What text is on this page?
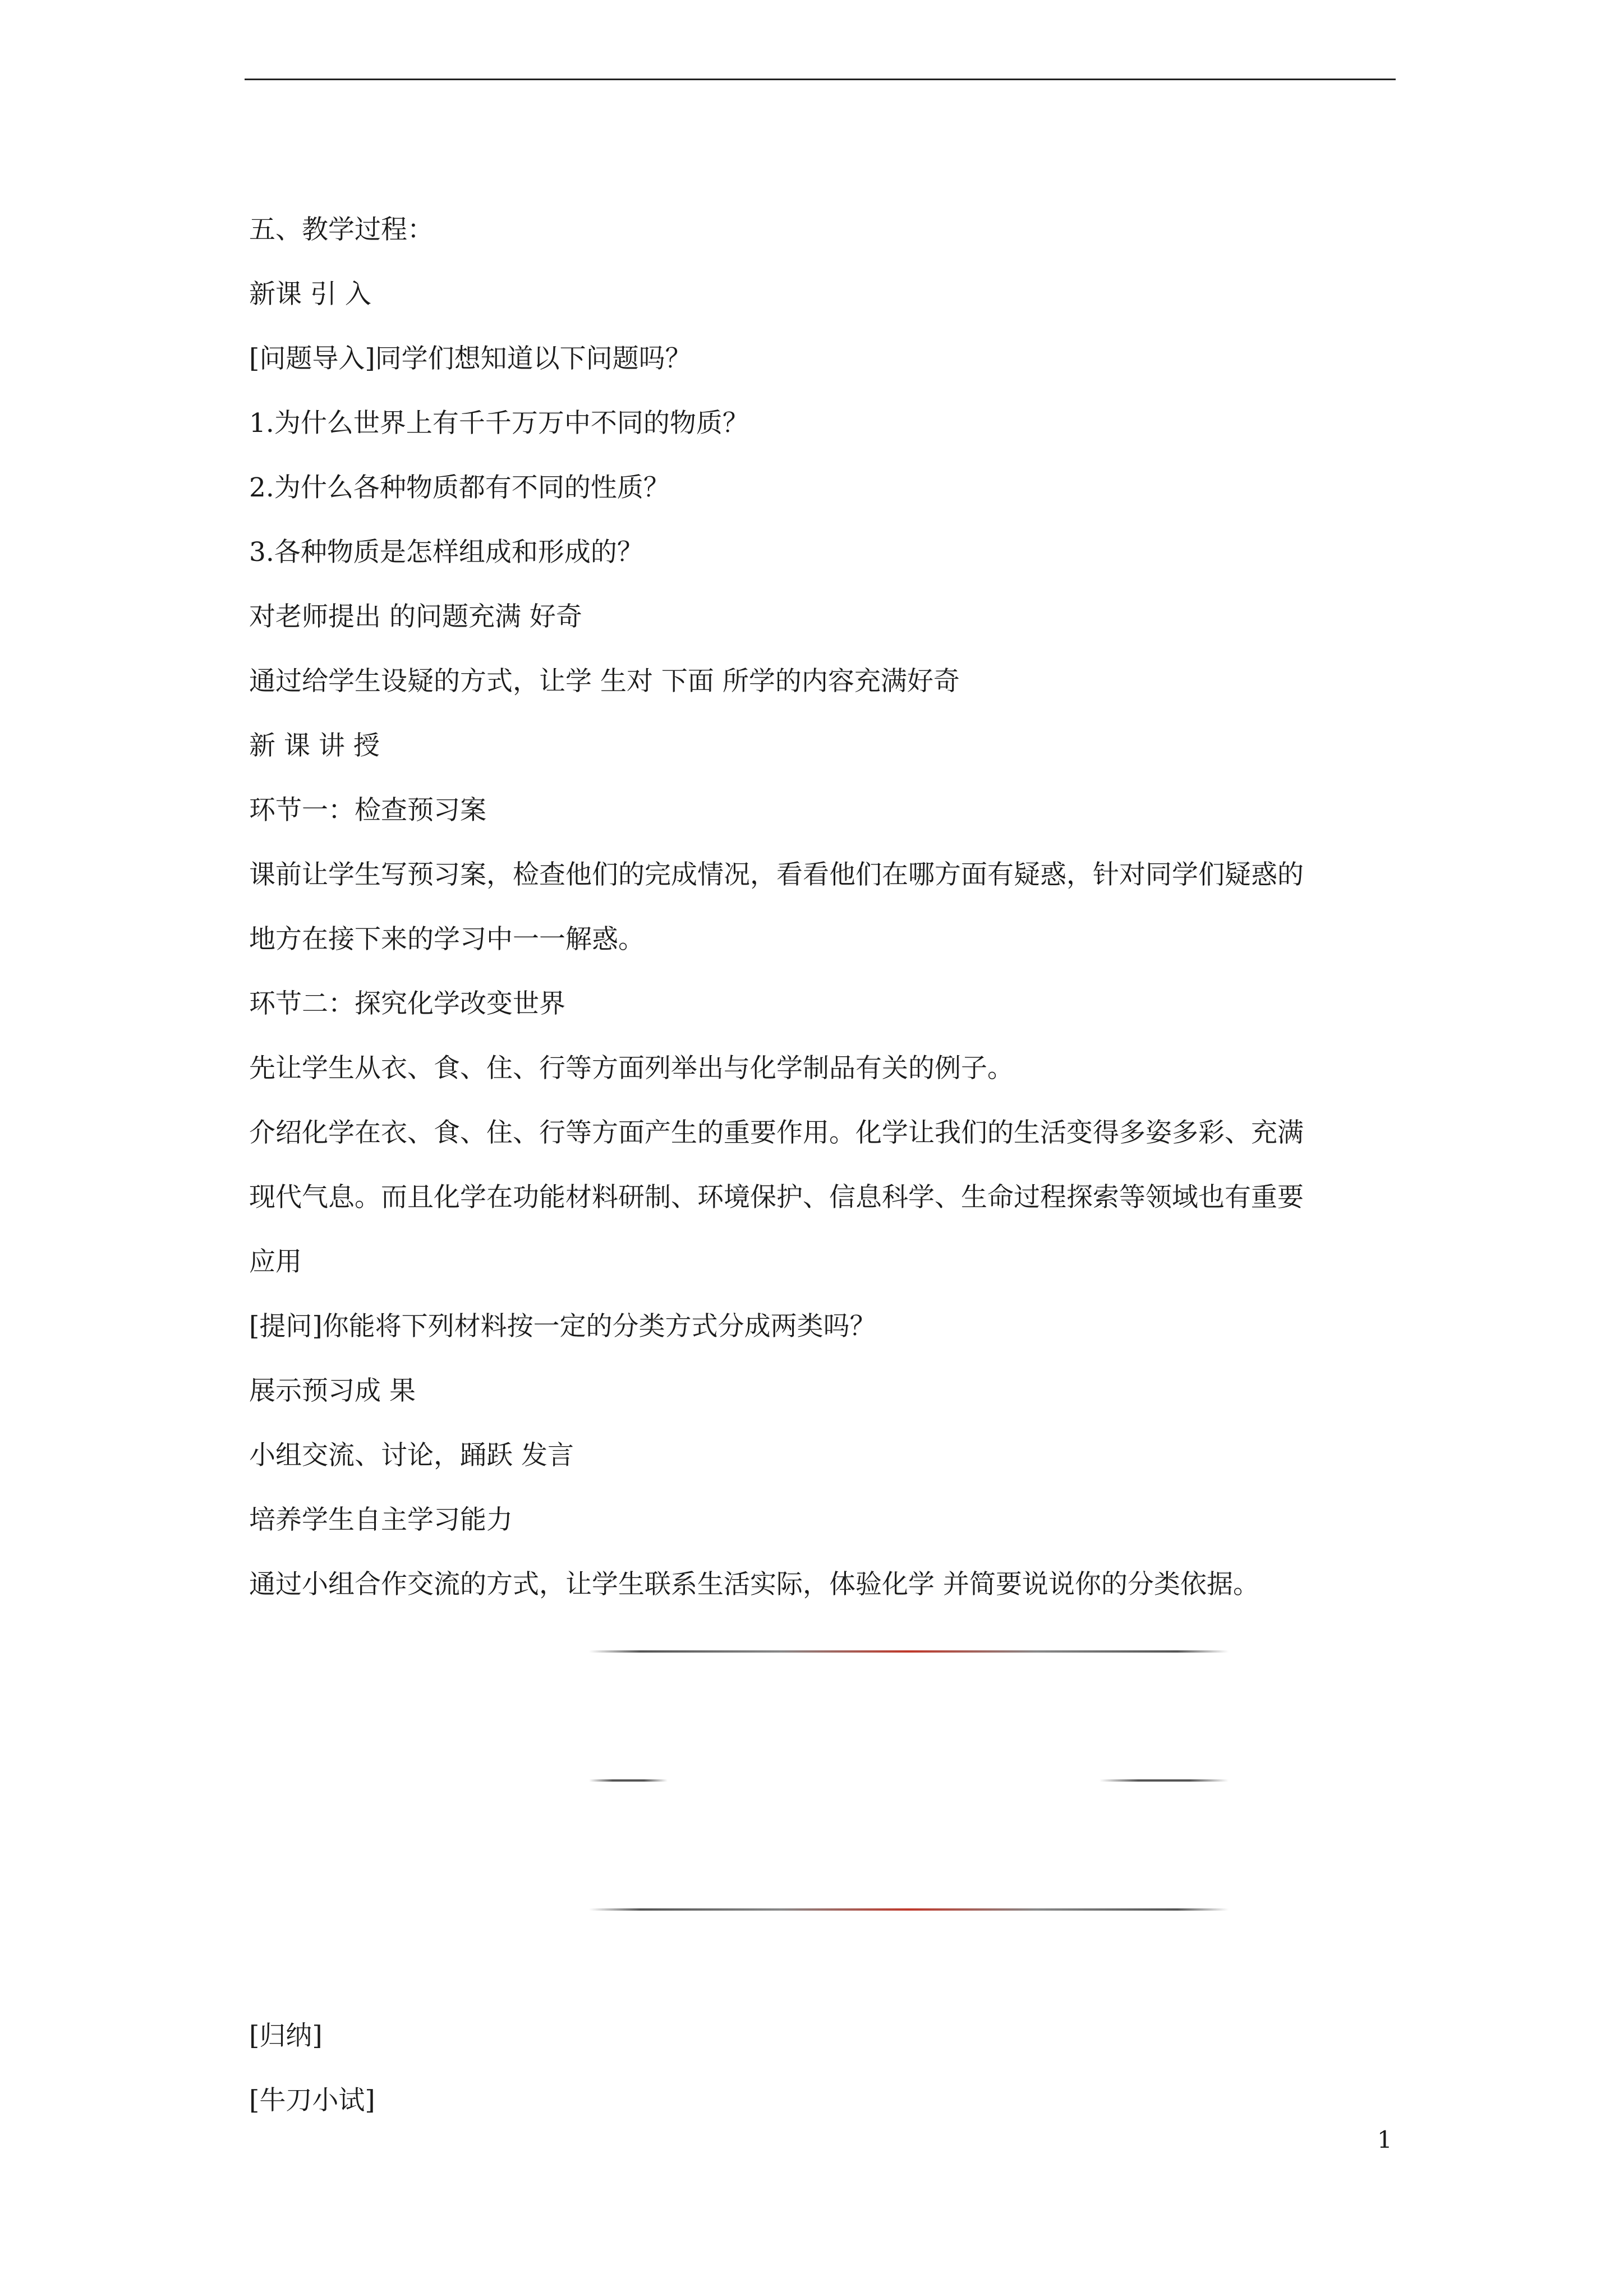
五、教学过程：
新课 引 入
[问题导入]同学们想知道以下问题吗？
1.为什么世界上有千千万万中不同的物质？
2.为什么各种物质都有不同的性质？
3.各种物质是怎样组成和形成的？
对老师提出 的问题充满 好奇
通过给学生设疑的方式，让学 生对 下面 所学的内容充满好奇
新 课 讲 授
环节一：检查预习案
课前让学生写预习案，检查他们的完成情况，看看他们在哪方面有疑惑，针对同学们疑惑的
地方在接下来的学习中一一解惑。
环节二：探究化学改变世界
先让学生从衣、食、住、行等方面列举出与化学制品有关的例子。
介绍化学在衣、食、住、行等方面产生的重要作用。化学让我们的生活变得多姿多彩、充满
现代气息。而且化学在功能材料研制、环境保护、信息科学、生命过程探索等领域也有重要
应用
[提问]你能将下列材料按一定的分类方式分成两类吗？
展示预习成 果
小组交流、讨论，踊跃 发言
培养学生自主学习能力
通过小组合作交流的方式，让学生联系生活实际，体验化学 并简要说说你的分类依据。
[归纳]
[牛刀小试]
1
